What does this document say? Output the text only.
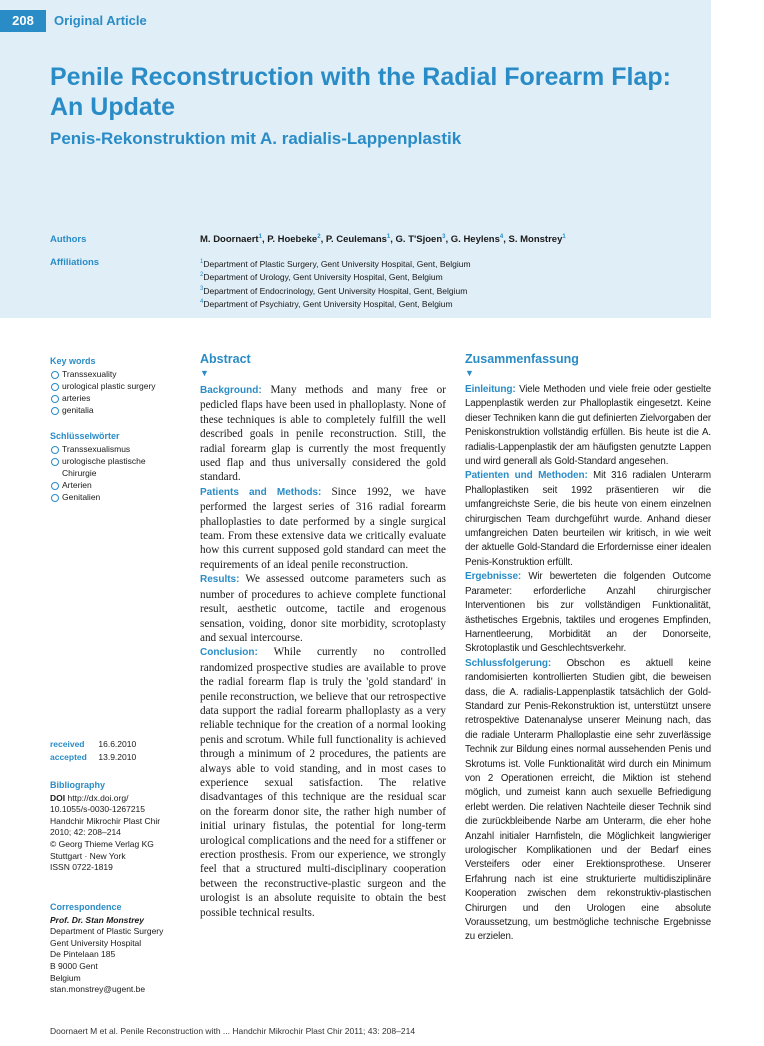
208	Original Article
Penile Reconstruction with the Radial Forearm Flap: An Update
Penis-Rekonstruktion mit A. radialis-Lappenplastik
Authors
Affiliations
M. Doornaert$^1$, P. Hoebeke$^2$, P. Ceulemans$^1$, G. T'Sjoen$^3$, G. Heylens$^4$, S. Monstrey$^1$
$^1$Department of Plastic Surgery, Gent University Hospital, Gent, Belgium
$^2$Department of Urology, Gent University Hospital, Gent, Belgium
$^3$Department of Endocrinology, Gent University Hospital, Gent, Belgium
$^4$Department of Psychiatry, Gent University Hospital, Gent, Belgium
Key words
Transsexuality
urological plastic surgery
arteries
genitalia
Schlüsselwörter
Transsexualismus
urologische plastische
Chirurgie
Arterien
Genitalien
received 16.6.2010
accepted 13.9.2010
Bibliography
DOI http://dx.doi.org/
10.1055/s-0030-1267215
Handchir Mikrochir Plast Chir
2010; 42: 208–214
© Georg Thieme Verlag KG
Stuttgart · New York
ISSN 0722-1819
Correspondence
Prof. Dr. Stan Monstrey
Department of Plastic Surgery
Gent University Hospital
De Pintelaan 185
B 9000 Gent
Belgium
stan.monstrey@ugent.be
Abstract
▼

Background: Many methods and many free or pedicled flaps have been used in phalloplasty. None of these techniques is able to completely fulfill the well described goals in penile reconstruction. Still, the radial forearm glap is currently the most frequently used flap and thus universally considered the gold standard.

Patients and Methods: Since 1992, we have performed the largest series of 316 radial forearm phalloplasties to date performed by a single surgical team. From these extensive data we critically evaluate how this current supposed gold standard can meet the requirements of an ideal penile reconstruction.

Results: We assessed outcome parameters such as number of procedures to achieve complete functional result, aesthetic outcome, tactile and erogenous sensation, voiding, donor site morbidity, scrotoplasty and sexual intercourse.

Conclusion: While currently no controlled randomized prospective studies are available to prove the radial forearm flap is truly the 'gold standard' in penile reconstruction, we believe that our retrospective data support the radial forearm phalloplasty as a very reliable technique for the creation of a normal looking penis and scrotum. While full functionality is achieved through a minimum of 2 procedures, the patients are always able to void standing, and in most cases to experience sexual satisfaction. The relative disadvantages of this technique are the residual scar on the forearm donor site, the rather high number of initial urinary fistulas, the potential for long-term urological complications and the need for a stiffener or erection prosthesis. From our experience, we strongly feel that a structured multi-disciplinary cooperation between the reconstructive-plastic surgeon and the urologist is an absolute requisite to obtain the best possible technical results.

Zusammenfassung
▼

Einleitung: Viele Methoden und viele freie oder gestielte Lappenplastik werden zur Phalloplastik eingesetzt. Keine dieser Techniken kann die gut definierten Zielvorgaben der Peniskonstruktion vollständig erfüllen. Bis heute ist die A. radialis-Lappenplastik der am häufigsten genutzte Lappen und wird generall als Gold-Standard angesehen.

Patienten und Methoden: Mit 316 radialen Unterarm Phalloplastiken seit 1992 präsentieren wir die umfangreichste Serie, die bis heute von einem einzelnen chirurgischen Team durchgeführt wurde. Anhand dieser umfangreichen Daten beurteilen wir kritisch, in wie weit der aktuelle Gold-Standard die Erfordernisse einer idealen Penis-Konstruktion erfüllt.

Ergebnisse: Wir bewerteten die folgenden Outcome Parameter: erforderliche Anzahl chirurgischer Interventionen bis zur vollständigen Funktionalität, ästhetisches Ergebnis, taktiles und erogenes Empfinden, Harnentleerung, Morbidität an der Donorseite, Skrotoplastik und Geschlechtsverkehr.

Schlussfolgerung: Obschon es aktuell keine randomisierten kontrollierten Studien gibt, die beweisen dass, die A. radialis-Lappenplastik tatsächlich der Gold-Standard zur Penis-Rekonstruktion ist, unterstützt unsere retrospektive Datenanalyse unserer Meinung nach, das die radiale Unterarm Phalloplastie eine sehr zuverlässige Technik zur Bildung eines normal aussehenden Penis und Skrotums ist. Volle Funktionalität wird durch ein Minimum von 2 Operationen erreicht, die Miktion ist stehend möglich, und zumeist kann auch sexuelle Befriedigung erlebt werden. Die relativen Nachteile dieser Technik sind die zurückbleibende Narbe am Unterarm, die eher hohe Anzahl initialer Harnfisteln, die Möglichkeit langwieriger urologischer Komplikationen und der Bedarf eines Versteifers oder einer Erektionsprothese. Unserer Erfahrung nach ist eine strukturierte multidisziplinäre Kooperation zwischen dem rekonstruktiv-plastischen Chirurgen und den Urologen eine absolute Voraussetzung, um bestmögliche technische Ergebnisse zu erzielen.

Doornaert M et al. Penile Reconstruction with ... Handchir Mikrochir Plast Chir 2011; 43: 208–214
